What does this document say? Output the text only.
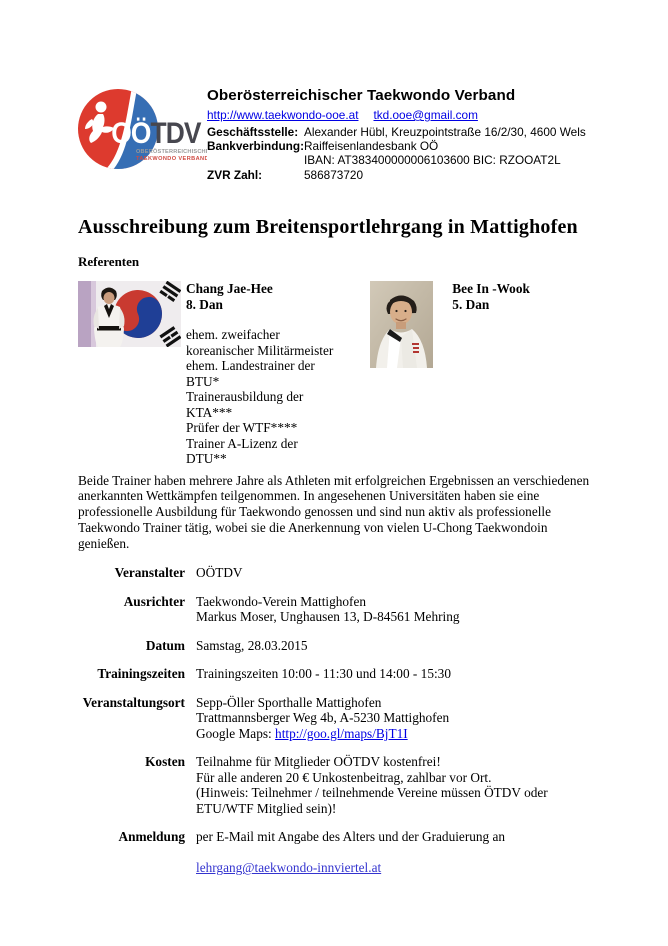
OÖTDV
OBERÖSTERREICHISCHER
TAEKWONDO VERBAND
Oberösterreichischer Taekwondo Verband
http://www.taekwondo-ooe.at tkd.ooe@gmail.com
Geschäftsstelle: Alexander Hübl, Kreuzpointstraße 16/2/30, 4600 Wels
Bankverbindung: Raiffeisenlandesbank OÖ
IBAN: AT383400000006103600 BIC: RZOOAT2L
ZVR Zahl:	586873720
Ausschreibung zum Breitensportlehrgang in Mattighofen
Referenten
Chang Jae-Hee
8. Dan
ehem. zweifacher koreanischer Militärmeister
ehem. Landestrainer der BTU*
Trainerausbildung der KTA***
Prüfer der WTF****
Trainer A-Lizenz der DTU**
Bee In -Wook
5. Dan
Beide Trainer haben mehrere Jahre als Athleten mit erfolgreichen Ergebnissen an verschiedenen anerkannten Wettkämpfen teilgenommen. In angesehenen Universitäten haben sie eine professionelle Ausbildung für Taekwondo genossen und sind nun aktiv als professionelle Taekwondo Trainer tätig, wobei sie die Anerkennung von vielen U-Chong Taekwondoin genießen.
Veranstalter OÖTDV
Ausrichter Taekwondo-Verein Mattighofen
Markus Moser, Unghausen 13, D-84561 Mehring
Datum Samstag, 28.03.2015
Trainingszeiten Trainingszeiten 10:00 - 11:30 und 14:00 - 15:30
Veranstaltungsort Sepp-Öller Sporthalle Mattighofen
Trattmannsberger Weg 4b, A-5230 Mattighofen
Google Maps: http://goo.gl/maps/BjT1I
Kosten Teilnahme für Mitglieder OÖTDV kostenfrei!
Für alle anderen 20 € Unkostenbeitrag, zahlbar vor Ort.
(Hinweis: Teilnehmer / teilnehmende Vereine müssen ÖTDV oder
ETU/WTF Mitglied sein)!
Anmeldung per E-Mail mit Angabe des Alters und der Graduierung an

lehrgang@taekwondo-innviertel.at
